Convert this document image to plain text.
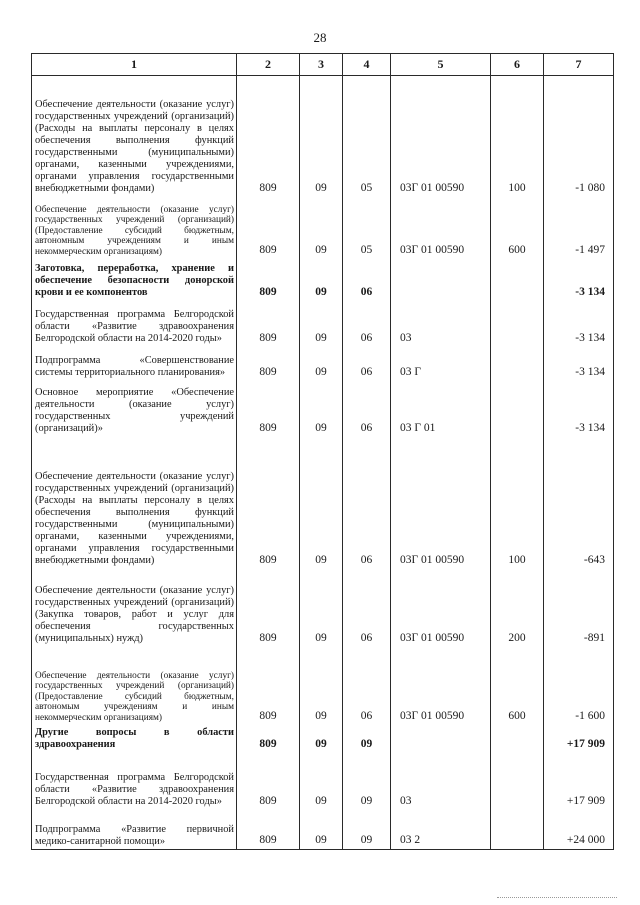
28
1	2	3	4	5	6	7
Обеспечение деятельности (оказание услуг) государственных учреждений (организаций) (Расходы на выплаты персоналу в целях обеспечения выполнения функций государственными (муниципальными) органами, казенными учреждениями, органами управления государственными внебюджетными фондами)	809	09	05	03Г 01 00590	100	-1 080
Обеспечение деятельности (оказание услуг) государственных учреждений (организаций) (Предоставление субсидий бюджетным, автономным учреждениям и иным некоммерческим организациям)	809	09	05	03Г 01 00590	600	-1 497
Заготовка, переработка, хранение и обеспечение безопасности донорской крови и ее компонентов	809	09	06			-3 134
Государственная программа Белгородской области «Развитие здравоохранения Белгородской области на 2014-2020 годы»	809	09	06	03		-3 134
Подпрограмма «Совершенствование системы территориального планирования»	809	09	06	03 Г		-3 134
Основное мероприятие «Обеспечение деятельности (оказание услуг) государственных учреждений (организаций)»	809	09	06	03 Г 01		-3 134
Обеспечение деятельности (оказание услуг) государственных учреждений (организаций) (Расходы на выплаты персоналу в целях обеспечения выполнения функций государственными (муниципальными) органами, казенными учреждениями, органами управления государственными внебюджетными фондами)	809	09	06	03Г 01 00590	100	-643
Обеспечение деятельности (оказание услуг) государственных учреждений (организаций) (Закупка товаров, работ и услуг для обеспечения государственных (муниципальных) нужд)	809	09	06	03Г 01 00590	200	-891
Обеспечение деятельности (оказание услуг) государственных учреждений (организаций) (Предоставление субсидий бюджетным, автономым учреждениям и иным некоммерческим организациям)	809	09	06	03Г 01 00590	600	-1 600
Другие вопросы в области здравоохранения	809	09	09			+17 909
Государственная программа Белгородской области «Развитие здравоохранения Белгородской области на 2014-2020 годы»	809	09	09	03		+17 909
Подпрограмма «Развитие первичной медико-санитарной помощи»	809	09	09	03 2		+24 000
